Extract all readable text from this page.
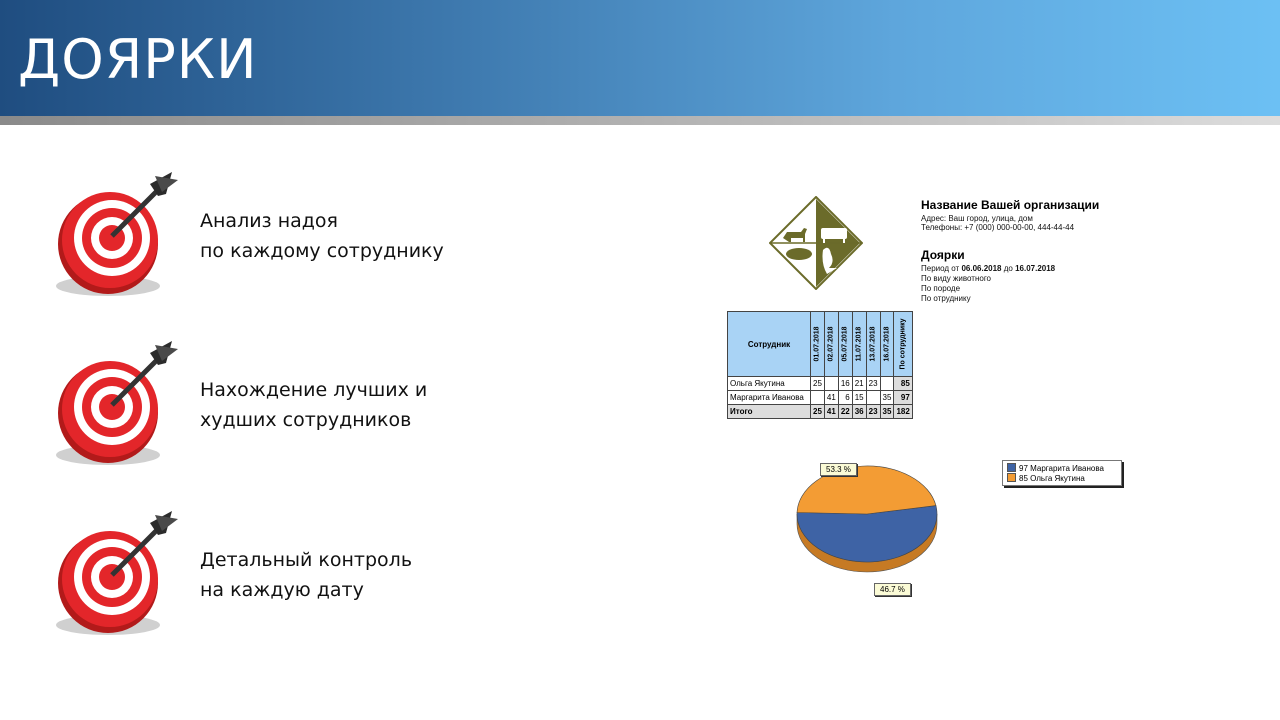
ДОЯРКИ
Анализ надоя
по каждому сотруднику
Нахождение лучших и
худших сотрудников
Детальный контроль
на каждую дату
Название Вашей организации
Адрес: Ваш город, улица, дом
Телефоны: +7 (000) 000-00-00, 444-44-44
Доярки
Период от 06.06.2018 до 16.07.2018
По виду животного
По породе
По отруднику
Сотрудник	01.07.2018	02.07.2018	05.07.2018	11.07.2018	13.07.2018	16.07.2018	По сотруднику

Ольга Якутина	25		16	21	23		85
Маргарита Иванова		41	6	15		35	97
Итого	25	41	22	36	23	35	182
53.3 %
46.7 %
97 Маргарита Иванова
85 Ольга Якутина
